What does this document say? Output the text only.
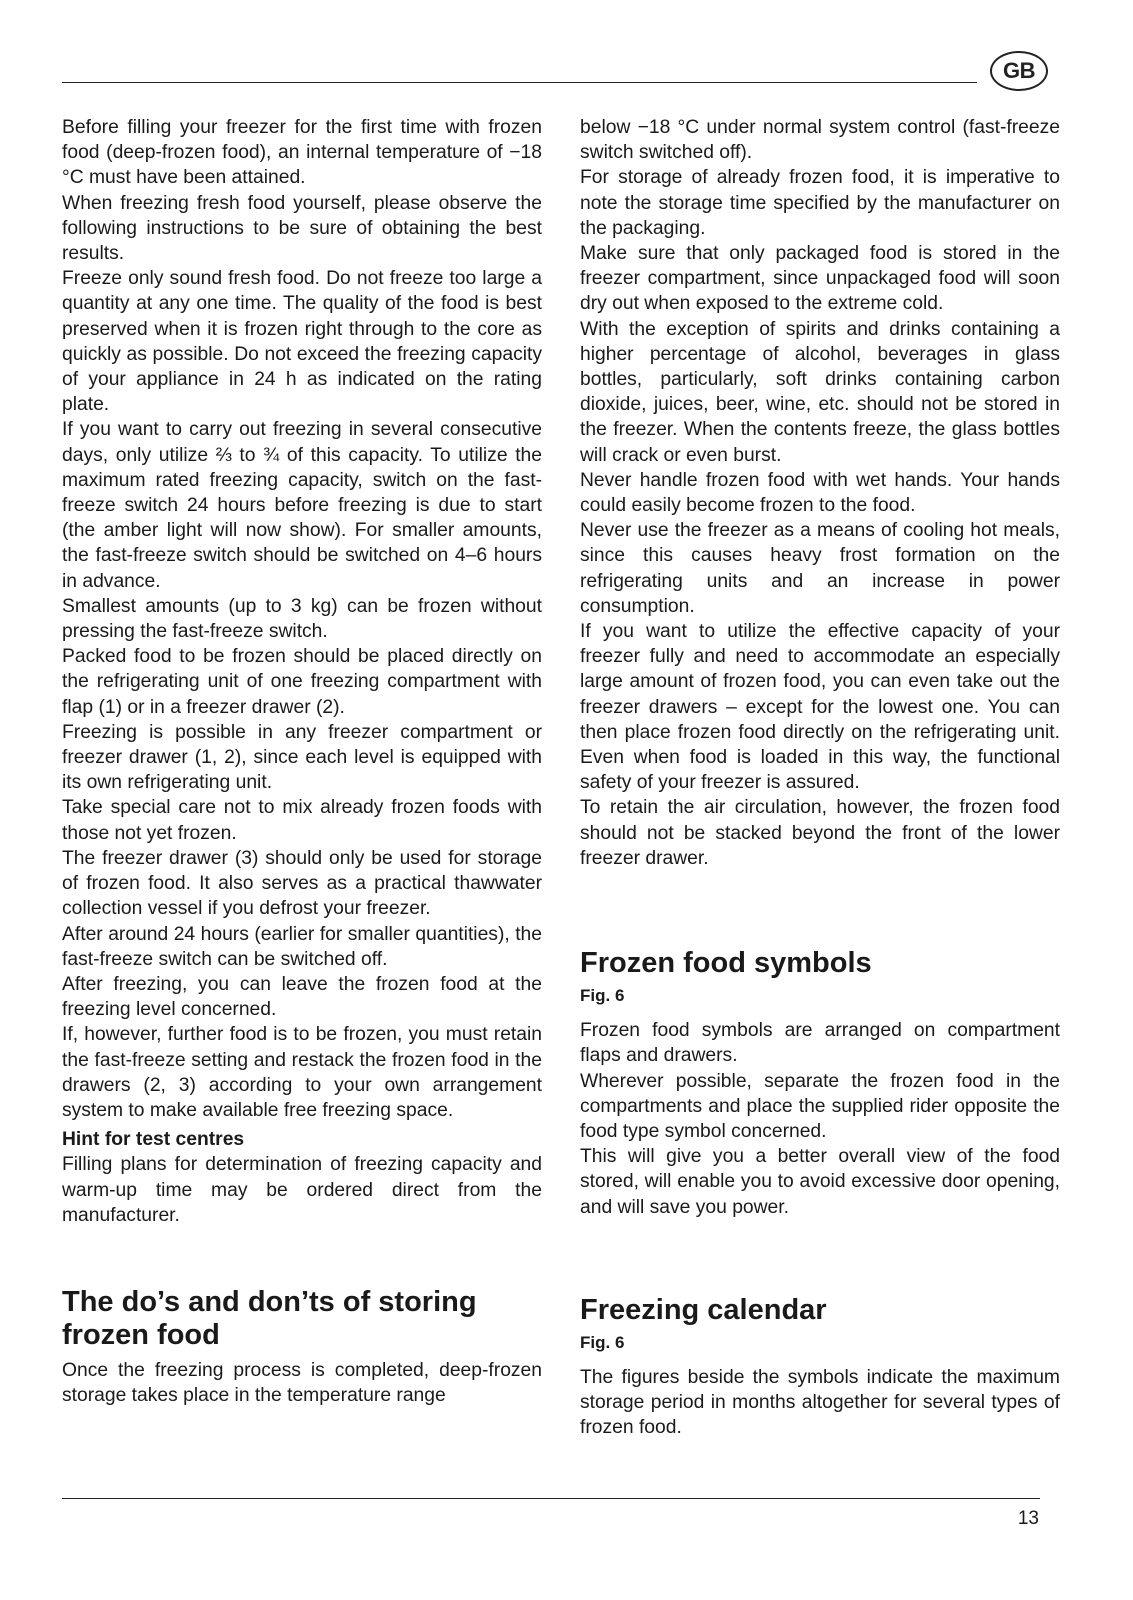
GB

Before filling your freezer for the first time with frozen food (deep-frozen food), an internal temperature of −18 °C must have been attained.

When freezing fresh food yourself, please observe the following instructions to be sure of obtaining the best results.

Freeze only sound fresh food. Do not freeze too large a quantity at any one time. The quality of the food is best preserved when it is frozen right through to the core as quickly as possible. Do not exceed the freezing capacity of your appliance in 24 h as indicated on the rating plate.

If you want to carry out freezing in several consecutive days, only utilize ⅔ to ¾ of this capacity. To utilize the maximum rated freezing capacity, switch on the fast-freeze switch 24 hours before freezing is due to start (the amber light will now show). For smaller amounts, the fast-freeze switch should be switched on 4–6 hours in advance.

Smallest amounts (up to 3 kg) can be frozen without pressing the fast-freeze switch.

Packed food to be frozen should be placed directly on the refrigerating unit of one freezing compartment with flap (1) or in a freezer drawer (2).

Freezing is possible in any freezer compartment or freezer drawer (1, 2), since each level is equipped with its own refrigerating unit.

Take special care not to mix already frozen foods with those not yet frozen.

The freezer drawer (3) should only be used for storage of frozen food. It also serves as a practical thawwater collection vessel if you defrost your freezer.

After around 24 hours (earlier for smaller quantities), the fast-freeze switch can be switched off.

After freezing, you can leave the frozen food at the freezing level concerned.

If, however, further food is to be frozen, you must retain the fast-freeze setting and restack the frozen food in the drawers (2, 3) according to your own arrangement system to make available free freezing space.

Hint for test centres

Filling plans for determination of freezing capacity and warm-up time may be ordered direct from the manufacturer.

The do’s and don’ts of storing frozen food

Once the freezing process is completed, deep-frozen storage takes place in the temperature range

below −18 °C under normal system control (fast-freeze switch switched off).

For storage of already frozen food, it is imperative to note the storage time specified by the manufacturer on the packaging.

Make sure that only packaged food is stored in the freezer compartment, since unpackaged food will soon dry out when exposed to the extreme cold.

With the exception of spirits and drinks containing a higher percentage of alcohol, beverages in glass bottles, particularly, soft drinks containing carbon dioxide, juices, beer, wine, etc. should not be stored in the freezer. When the contents freeze, the glass bottles will crack or even burst.

Never handle frozen food with wet hands. Your hands could easily become frozen to the food.

Never use the freezer as a means of cooling hot meals, since this causes heavy frost formation on the refrigerating units and an increase in power consumption.

If you want to utilize the effective capacity of your freezer fully and need to accommodate an especially large amount of frozen food, you can even take out the freezer drawers – except for the lowest one. You can then place frozen food directly on the refrigerating unit. Even when food is loaded in this way, the functional safety of your freezer is assured.

To retain the air circulation, however, the frozen food should not be stacked beyond the front of the lower freezer drawer.

Frozen food symbols
Fig. 6

Frozen food symbols are arranged on compartment flaps and drawers.

Wherever possible, separate the frozen food in the compartments and place the supplied rider opposite the food type symbol concerned.

This will give you a better overall view of the food stored, will enable you to avoid excessive door opening, and will save you power.

Freezing calendar
Fig. 6

The figures beside the symbols indicate the maximum storage period in months altogether for several types of frozen food.

13
